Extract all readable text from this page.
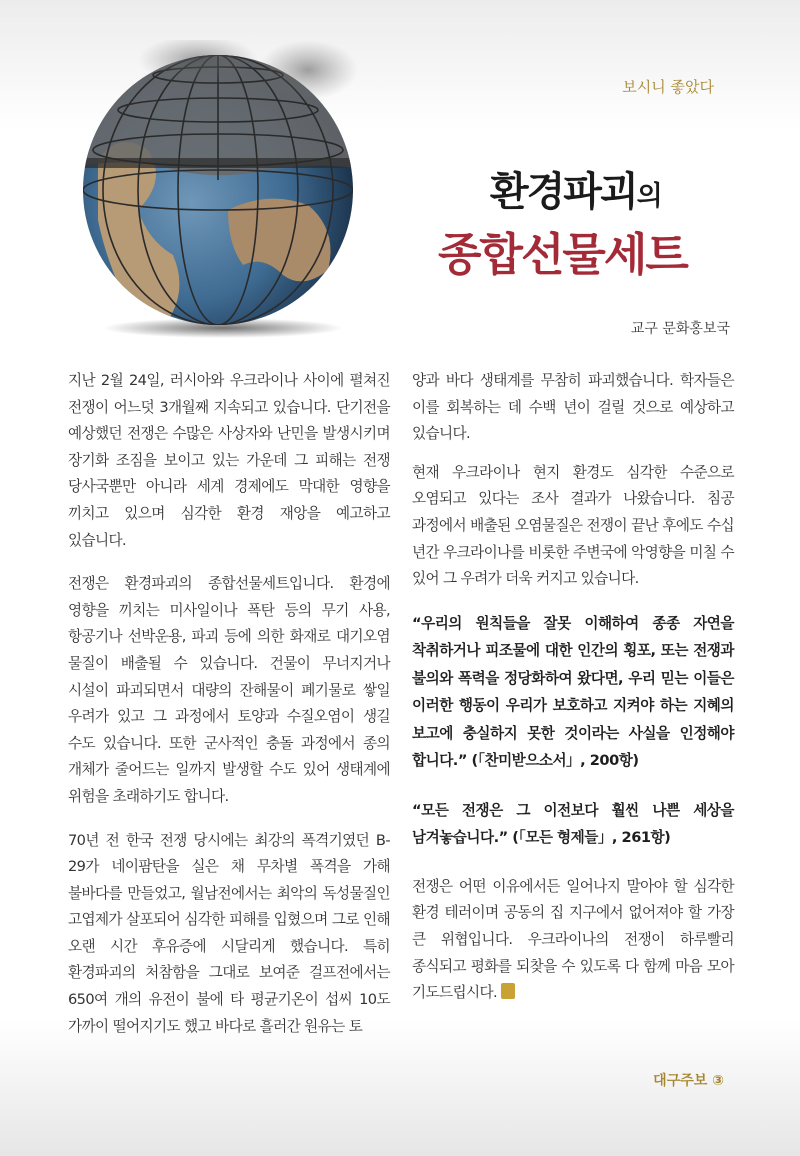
보시니 좋았다
환경파괴의
종합선물세트
교구 문화홍보국

지난 2월 24일, 러시아와 우크라이나 사이에 펼쳐진 전쟁이 어느덧 3개월째 지속되고 있습니다. 단기전을 예상했던 전쟁은 수많은 사상자와 난민을 발생시키며 장기화 조짐을 보이고 있는 가운데 그 피해는 전쟁 당사국뿐만 아니라 세계 경제에도 막대한 영향을 끼치고 있으며 심각한 환경 재앙을 예고하고 있습니다.

전쟁은 환경파괴의 종합선물세트입니다. 환경에 영향을 끼치는 미사일이나 폭탄 등의 무기 사용, 항공기나 선박운용, 파괴 등에 의한 화재로 대기오염 물질이 배출될 수 있습니다. 건물이 무너지거나 시설이 파괴되면서 대량의 잔해물이 폐기물로 쌓일 우려가 있고 그 과정에서 토양과 수질오염이 생길 수도 있습니다. 또한 군사적인 충돌 과정에서 종의 개체가 줄어드는 일까지 발생할 수도 있어 생태계에 위험을 초래하기도 합니다.

70년 전 한국 전쟁 당시에는 최강의 폭격기였던 B-29가 네이팜탄을 실은 채 무차별 폭격을 가해 불바다를 만들었고, 월남전에서는 최악의 독성물질인 고엽제가 살포되어 심각한 피해를 입혔으며 그로 인해 오랜 시간 후유증에 시달리게 했습니다. 특히 환경파괴의 처참함을 그대로 보여준 걸프전에서는 650여 개의 유전이 불에 타 평균기온이 섭씨 10도 가까이 떨어지기도 했고 바다로 흘러간 원유는 토

양과 바다 생태계를 무참히 파괴했습니다. 학자들은 이를 회복하는 데 수백 년이 걸릴 것으로 예상하고 있습니다.

현재 우크라이나 현지 환경도 심각한 수준으로 오염되고 있다는 조사 결과가 나왔습니다. 침공 과정에서 배출된 오염물질은 전쟁이 끝난 후에도 수십 년간 우크라이나를 비롯한 주변국에 악영향을 미칠 수 있어 그 우려가 더욱 커지고 있습니다.

“우리의 원칙들을 잘못 이해하여 종종 자연을 착취하거나 피조물에 대한 인간의 횡포, 또는 전쟁과 불의와 폭력을 정당화하여 왔다면, 우리 믿는 이들은 이러한 행동이 우리가 보호하고 지켜야 하는 지혜의 보고에 충실하지 못한 것이라는 사실을 인정해야 합니다.” (「찬미받으소서」, 200항)

“모든 전쟁은 그 이전보다 훨씬 나쁜 세상을 남겨놓습니다.” (「모든 형제들」, 261항)

전쟁은 어떤 이유에서든 일어나지 말아야 할 심각한 환경 테러이며 공동의 집 지구에서 없어져야 할 가장 큰 위협입니다. 우크라이나의 전쟁이 하루빨리 종식되고 평화를 되찾을 수 있도록 다 함께 마음 모아 기도드립시다.

대구주보 ③
